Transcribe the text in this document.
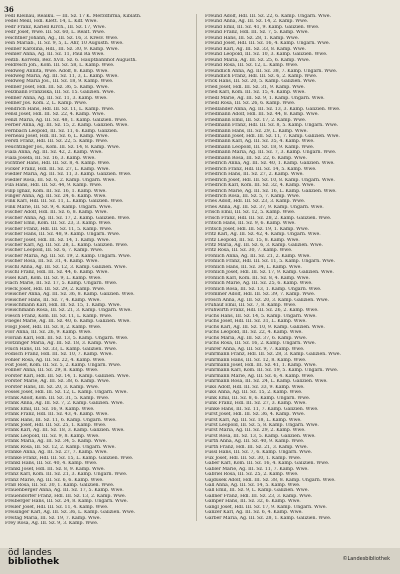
36
Fedl Kleinau, Realku. — III. Sz. 17 K. Merzdfirma, Kiblath.
Fedel Meill, Hdl. Klett. 14, L. Kdf. Wwe.
Fedr Franz, Kariell Kirch., III. Sz. 17, Wwe.
Fedr Josef, Wwe. III. Sz. 60, L. Realt. Wwe.
Feichtner Johann, Ag., III. Sz. 16, 3. Kresv. Wwe.
Fein Mariab., II. Sz. 9, 5, L. Ahr, 10 Augusth. Wwe.
Feilner Karolina, Hdl., III. Sz. 30, 9. Kamp. Wwe.
Feinler Anna, Ag. III. Sz. 11, Paul Ra Wwe.
Feitlb. Korvelli, Bez. XVII. Sz. 6. Hauptbahnhof Augusth.
Feldreich Joh., Kom. III. Sz. 58, L. Kamp. Wwe.
Feldweg Annita, Wwe. Adolf, 8. Kamp. Wwe.
Feldweg Maria, Ag. III. Sz. 11, 3, L. Kamp. Wwe.
Feldweg Maria Jos., III. Sz. 18, 9. Kamp. Wwe.
Fellner Josef, Hdl. III. Sz. 36, 5. Kamp. Wwe.
Felzmann Franziska, III. Sz. 15. Galizien. Wwe.
Fellner Anna, Ag. III. Sz. 11, 3. Kamp. Wwe.
Fellner Jos. Kom. 2, L. Kamp. Wwe.
Fendrich Hans, Hdl. III. Sz. 11, L. Kamp. Wwe.
Fensl Josef, Hdl. III. Sz. 22, 4. Kamp. Wwe.
Fenzl Maria, Ag. III. Sz. 48, 1. Kamp. Galizien. Wwe.
Ferber Anna, Ag. III. Sz. 15, 2. Kamp. Galizien. Wwe.
Fernbach Leopold, III. Sz. 11, 6. Kamp. Galizien.
Ferneau Josef, Hdl. III. Sz. 6, L. Kamp. Wwe.
Ferstl Franz, Hdl. III. Sz. 22, 5. Kamp. Wwe.
Feuchtinger Jos., Kom. III. Sz. 14, 8. Kamp. Wwe.
Fiala Anna, Ag. III. Sz. 42, 2. Kamp. Wwe.
Fiala Josefa, III. Sz. 16, 3. Kamp. Wwe.
Fichtner Hans, Hdl. III. Sz. 8, 4. Kamp. Wwe.
Ficker Franz, Hdl. III. Sz. 27, L. Kamp. Wwe.
Fiedler Maria, Ag. III. Sz. 11, 3. Kamp. Galizien. Wwe.
Fiedler Rosa, III. Sz. 6, 2. Kamp. Ungarn. Wwe.
Fila Hans, Hdl. III. Sz. 44, 9. Kamp. Wwe.
Filip Ignaz, Kom. III. Sz. 16, 1. Kamp. Wwe.
Finger Anna, Ag. III. Sz. 24, 6. Kamp. Wwe.
Fink Karl, Hdl. III. Sz. 11, L. Kamp. Galizien. Wwe.
Fink Marie, III. Sz. 9, 4. Kamp. Ungarn. Wwe.
Fischer Adolf, Hdl. III. Sz. 6, 8. Kamp. Wwe.
Fischer Anna, Ag. III. Sz. 17, 2. Kamp. Galizien. Wwe.
Fischer Emil, Kom. III. Sz. 23, 3. Kamp. Wwe.
Fischer Franz, Hdl. III. Sz. 11, 5. Kamp. Wwe.
Fischer Hans, III. Sz. 48, 9. Kamp. Ungarn. Wwe.
Fischer Josef, Hdl. III. Sz. 14, 1. Kamp. Wwe.
Fischer Karl, Ag. III. Sz. 28, L. Kamp. Galizien. Wwe.
Fischer Leopold, III. Sz. 6, 7. Kamp. Wwe.
Fischer Maria, Ag. III. Sz. 19, 2. Kamp. Ungarn. Wwe.
Fischer Rosa, III. Sz. 31, 4. Kamp. Wwe.
Fischl Anna, Ag. III. Sz. 12, 3. Kamp. Galizien. Wwe.
Fischl Franz, Hdl. III. Sz. 44, 6. Kamp. Wwe.
Fisel Karl, Kom. III. Sz. 9, L. Kamp. Wwe.
Flach Marie, III. Sz. 17, 5. Kamp. Ungarn. Wwe.
Fleck Josef, Hdl. III. Sz. 29, 2. Kamp. Wwe.
Fleischer Anna, Ag. III. Sz. 36, 8. Kamp. Galizien. Wwe.
Fleischer Hans, III. Sz. 7, 4. Kamp. Wwe.
Fleischmann Karl, Hdl. III. Sz. 15, 1. Kamp. Wwe.
Fleischmann Rosa, III. Sz. 21, 3. Kamp. Ungarn. Wwe.
Flesch Franz, Kom. III. Sz. 11, L. Kamp. Wwe.
Fliegel Marie, Ag. III. Sz. 40, 6. Kamp. Galizien. Wwe.
Flögl Josef, Hdl. III. Sz. 8, 2. Kamp. Wwe.
Flor Anna, III. Sz. 26, 9. Kamp. Wwe.
Florian Karl, Hdl. III. Sz. 13, 5. Kamp. Ungarn. Wwe.
Flotzinger Maria, Ag. III. Sz. 18, 3. Kamp. Wwe.
Fluch Hans, III. Sz. 33, L. Kamp. Galizien. Wwe.
Födisch Franz, Hdl. III. Sz. 10, 7. Kamp. Wwe.
Fohler Rosa, Ag. III. Sz. 22, 4. Kamp. Wwe.
Foit Josef, Kom. III. Sz. 5, 2. Kamp. Ungarn. Wwe.
Follner Anna, III. Sz. 29, 8. Kamp. Wwe.
Forster Karl, Hdl. III. Sz. 14, 1. Kamp. Galizien. Wwe.
Forster Marie, Ag. III. Sz. 38, 6. Kamp. Wwe.
Förster Hans, III. Sz. 20, 3. Kamp. Wwe.
Fossel Josef, Hdl. III. Sz. 12, L. Kamp. Ungarn. Wwe.
Frank Adolf, Kom. III. Sz. 31, 5. Kamp. Wwe.
Frank Anna, Ag. III. Sz. 7, 2. Kamp. Galizien. Wwe.
Frank Emil, III. Sz. 16, 9. Kamp. Wwe.
Frank Franz, Hdl. III. Sz. 43, 4. Kamp. Wwe.
Frank Hans, III. Sz. 11, 6. Kamp. Ungarn. Wwe.
Frank Josef, Hdl. III. Sz. 25, 1. Kamp. Wwe.
Frank Karl, Ag. III. Sz. 18, 3. Kamp. Galizien. Wwe.
Frank Leopold, III. Sz. 9, 8. Kamp. Wwe.
Frank Maria, Ag. III. Sz. 34, 5. Kamp. Wwe.
Frank Rosa, III. Sz. 12, 2. Kamp. Ungarn. Wwe.
Franke Anna, Ag. III. Sz. 27, 7. Kamp. Wwe.
Franke Franz, Hdl. III. Sz. 15, L. Kamp. Galizien. Wwe.
Frankl Hans, III. Sz. 40, 4. Kamp. Wwe.
Frankl Josef, Hdl. III. Sz. 8, 9. Kamp. Wwe.
Franz Karl, Kom. III. Sz. 21, 3. Kamp. Ungarn. Wwe.
Franz Marie, Ag. III. Sz. 6, 6. Kamp. Wwe.
Fraß Rosa, III. Sz. 30, 1. Kamp. Galizien. Wwe.
Frauenberger Anna, Ag. III. Sz. 17, 5. Kamp. Wwe.
Frauendorfer Franz, Hdl. III. Sz. 13, 2. Kamp. Wwe.
Freiberger Hans, III. Sz. 24, 8. Kamp. Ungarn. Wwe.
Freiler Josef, Hdl. III. Sz. 11, 4. Kamp. Wwe.
Freisinger Karl, Ag. III. Sz. 36, L. Kamp. Galizien. Wwe.
Freitag Maria, III. Sz. 19, 7. Kamp. Wwe.
Frey Rosa, Ag. III. Sz. 9, 3. Kamp. Wwe.
Freund Adolf, Hdl. III. Sz. 22, 6. Kamp. Ungarn. Wwe.
Freund Anna, Ag. III. Sz. 14, 2. Kamp. Wwe.
Freund Emil, III. Sz. 41, 9. Kamp. Galizien. Wwe.
Freund Franz, Hdl. III. Sz. 7, 5. Kamp. Wwe.
Freund Hans, III. Sz. 28, 1. Kamp. Wwe.
Freund Josef, Hdl. III. Sz. 16, 4. Kamp. Ungarn. Wwe.
Freund Karl, Ag. III. Sz. 33, 8. Kamp. Wwe.
Freund Leopold, III. Sz. 10, 3. Kamp. Galizien. Wwe.
Freund Maria, Ag. III. Sz. 25, 6. Kamp. Wwe.
Freund Rosa, III. Sz. 12, L. Kamp. Wwe.
Freundlich Anna, Ag. III. Sz. 38, 7. Kamp. Ungarn. Wwe.
Freundlich Franz, Hdl. III. Sz. 6, 2. Kamp. Wwe.
Frick Hans, III. Sz. 20, 5. Kamp. Galizien. Wwe.
Fried Josef, Hdl. III. Sz. 31, 9. Kamp. Wwe.
Fried Karl, Kom. III. Sz. 15, 4. Kamp. Wwe.
Friedl Marie, Ag. III. Sz. 9, 1. Kamp. Ungarn. Wwe.
Friedl Rosa, III. Sz. 26, 6. Kamp. Wwe.
Friedländer Anna, Ag. III. Sz. 13, 3. Kamp. Galizien. Wwe.
Friedmann Adolf, Hdl. III. Sz. 44, 8. Kamp. Wwe.
Friedmann Emil, III. Sz. 17, 2. Kamp. Wwe.
Friedmann Franz, Hdl. III. Sz. 8, 5. Kamp. Ungarn. Wwe.
Friedmann Hans, III. Sz. 29, L. Kamp. Wwe.
Friedmann Josef, Hdl. III. Sz. 11, 7. Kamp. Galizien. Wwe.
Friedmann Karl, Ag. III. Sz. 35, 4. Kamp. Wwe.
Friedmann Leopold, III. Sz. 18, 9. Kamp. Wwe.
Friedmann Maria, Ag. III. Sz. 7, 3. Kamp. Ungarn. Wwe.
Friedmann Rosa, III. Sz. 22, 6. Kamp. Wwe.
Friedrich Anna, Ag. III. Sz. 40, 1. Kamp. Galizien. Wwe.
Friedrich Franz, Hdl. III. Sz. 14, 5. Kamp. Wwe.
Friedrich Hans, III. Sz. 27, 2. Kamp. Wwe.
Friedrich Josef, Hdl. III. Sz. 10, 8. Kamp. Ungarn. Wwe.
Friedrich Karl, Kom. III. Sz. 32, 4. Kamp. Wwe.
Friedrich Marie, Ag. III. Sz. 16, L. Kamp. Galizien. Wwe.
Friedrich Rosa, III. Sz. 5, 7. Kamp. Wwe.
Fries Adolf, Hdl. III. Sz. 23, 3. Kamp. Wwe.
Fries Anna, Ag. III. Sz. 37, 9. Kamp. Ungarn. Wwe.
Frisch Emil, III. Sz. 12, 5. Kamp. Wwe.
Frisch Franz, Hdl. III. Sz. 28, 2. Kamp. Galizien. Wwe.
Fritsch Hans, III. Sz. 9, 6. Kamp. Wwe.
Fritsch Josef, Hdl. III. Sz. 19, 1. Kamp. Wwe.
Fritz Karl, Ag. III. Sz. 42, 4. Kamp. Ungarn. Wwe.
Fritz Leopold, III. Sz. 15, 8. Kamp. Wwe.
Fritz Maria, Ag. III. Sz. 6, 3. Kamp. Galizien. Wwe.
Fritz Rosa, III. Sz. 30, 7. Kamp. Wwe.
Fröhlich Anna, Ag. III. Sz. 21, 2. Kamp. Wwe.
Fröhlich Franz, Hdl. III. Sz. 11, 5. Kamp. Ungarn. Wwe.
Fröhlich Hans, III. Sz. 34, L. Kamp. Wwe.
Fröhlich Josef, Hdl. III. Sz. 17, 9. Kamp. Galizien. Wwe.
Fröhlich Karl, Kom. III. Sz. 8, 4. Kamp. Wwe.
Fröhlich Marie, Ag. III. Sz. 25, 6. Kamp. Wwe.
Fröhlich Rosa, III. Sz. 13, 1. Kamp. Ungarn. Wwe.
Frommer Adolf, Hdl. III. Sz. 39, 7. Kamp. Wwe.
Frosch Anna, Ag. III. Sz. 20, 3. Kamp. Galizien. Wwe.
Frühauf Emil, III. Sz. 7, 8. Kamp. Wwe.
Frühwirth Franz, Hdl. III. Sz. 26, 2. Kamp. Wwe.
Fuchs Hans, III. Sz. 14, 5. Kamp. Ungarn. Wwe.
Fuchs Josef, Hdl. III. Sz. 31, L. Kamp. Wwe.
Fuchs Karl, Ag. III. Sz. 10, 9. Kamp. Galizien. Wwe.
Fuchs Leopold, III. Sz. 22, 4. Kamp. Wwe.
Fuchs Maria, Ag. III. Sz. 37, 6. Kamp. Wwe.
Fuchs Rosa, III. Sz. 16, 2. Kamp. Ungarn. Wwe.
Führer Anna, Ag. III. Sz. 9, 7. Kamp. Wwe.
Fuhrmann Franz, Hdl. III. Sz. 28, 3. Kamp. Galizien. Wwe.
Fuhrmann Hans, III. Sz. 12, 8. Kamp. Wwe.
Fuhrmann Josef, Hdl. III. Sz. 41, 1. Kamp. Wwe.
Fuhrmann Karl, Kom. III. Sz. 19, 5. Kamp. Ungarn. Wwe.
Fuhrmann Marie, Ag. III. Sz. 6, 4. Kamp. Wwe.
Fuhrmann Rosa, III. Sz. 24, L. Kamp. Galizien. Wwe.
Fuks Adolf, Hdl. III. Sz. 33, 9. Kamp. Wwe.
Fuks Anna, Ag. III. Sz. 15, 2. Kamp. Wwe.
Funk Emil, III. Sz. 8, 6. Kamp. Ungarn. Wwe.
Funk Franz, Hdl. III. Sz. 27, 3. Kamp. Wwe.
Funke Hans, III. Sz. 11, 7. Kamp. Galizien. Wwe.
Fürst Josef, Hdl. III. Sz. 36, 4. Kamp. Wwe.
Fürst Karl, Ag. III. Sz. 18, L. Kamp. Wwe.
Fürst Leopold, III. Sz. 5, 8. Kamp. Ungarn. Wwe.
Fürst Maria, Ag. III. Sz. 29, 2. Kamp. Wwe.
Fürst Rosa, III. Sz. 13, 5. Kamp. Galizien. Wwe.
Fürth Anna, Ag. III. Sz. 40, 9. Kamp. Wwe.
Fürth Franz, Hdl. III. Sz. 21, 3. Kamp. Wwe.
Füssl Hans, III. Sz. 7, 6. Kamp. Ungarn. Wwe.
Fux Josef, Hdl. III. Sz. 30, 1. Kamp. Wwe.
Gaber Karl, Kom. III. Sz. 16, 4. Kamp. Galizien. Wwe.
Gabler Marie, Ag. III. Sz. 11, 7. Kamp. Wwe.
Gabriel Rosa, III. Sz. 25, 2. Kamp. Wwe.
Gajdusek Adolf, Hdl. III. Sz. 38, 8. Kamp. Ungarn. Wwe.
Gall Anna, Ag. III. Sz. 14, 5. Kamp. Wwe.
Gall Emil, III. Sz. 9, L. Kamp. Galizien. Wwe.
Gallner Franz, Hdl. III. Sz. 23, 3. Kamp. Wwe.
Gamper Hans, III. Sz. 32, 6. Kamp. Wwe.
Gangl Josef, Hdl. III. Sz. 17, 9. Kamp. Ungarn. Wwe.
Ganzer Karl, Ag. III. Sz. 6, 4. Kamp. Wwe.
Garber Maria, Ag. III. Sz. 28, 1. Kamp. Galizien. Wwe.
öd landes
bibliothek	©Landesbibliothek
